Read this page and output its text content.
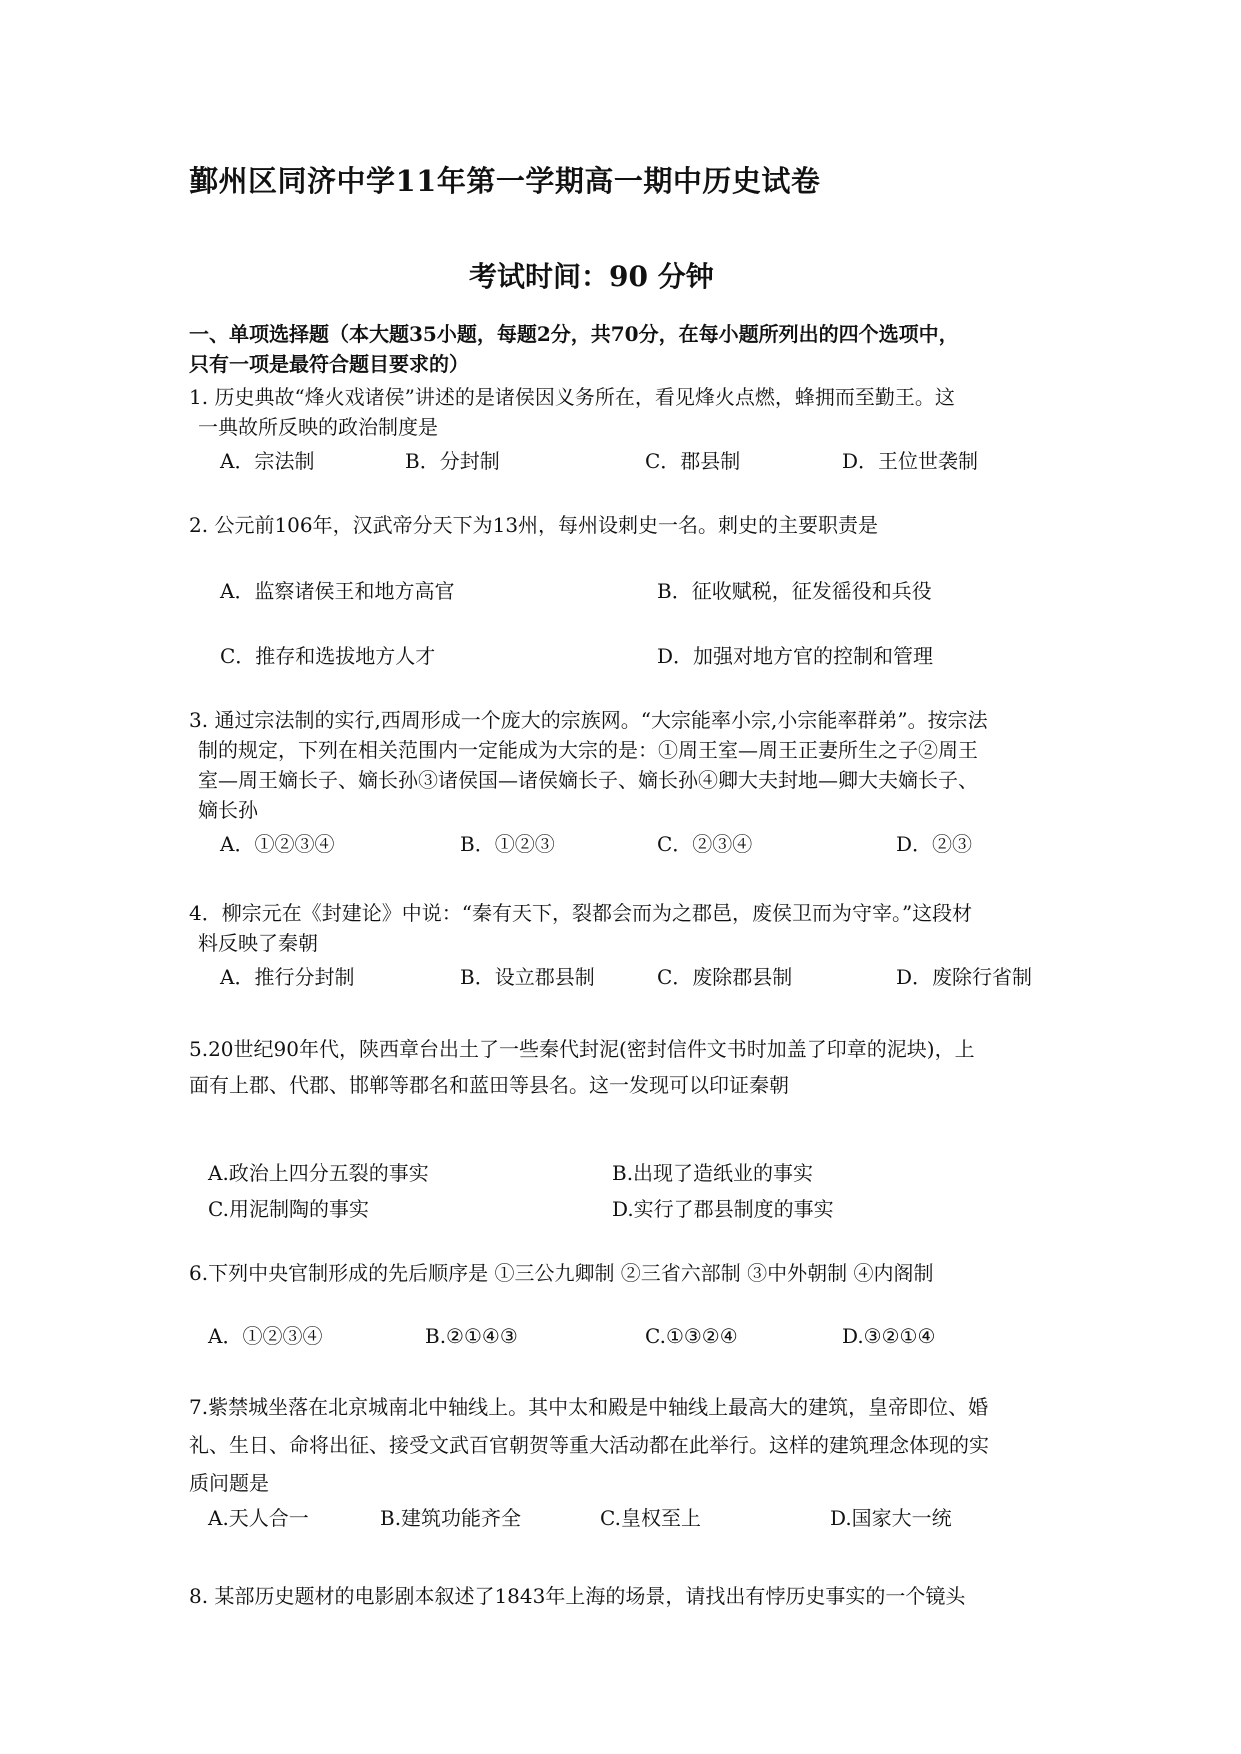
鄞州区同济中学11年第一学期高一期中历史试卷
考试时间：90 分钟
一、单项选择题（本大题35小题，每题2分，共70分，在每小题所列出的四个选项中，
只有一项是最符合题目要求的）
1. 历史典故“烽火戏诸侯”讲述的是诸侯因义务所在，看见烽火点燃，蜂拥而至勤王。这
一典故所反映的政治制度是
A．宗法制	B．分封制	C．郡县制	D．王位世袭制
2. 公元前106年，汉武帝分天下为13州，每州设刺史一名。刺史的主要职责是
A．监察诸侯王和地方高官	B．征收赋税，征发徭役和兵役
C．推存和选拔地方人才	D．加强对地方官的控制和管理
3. 通过宗法制的实行,西周形成一个庞大的宗族网。“大宗能率小宗,小宗能率群弟”。按宗法
制的规定，下列在相关范围内一定能成为大宗的是：①周王室—周王正妻所生之子②周王
室—周王嫡长子、嫡长孙③诸侯国—诸侯嫡长子、嫡长孙④卿大夫封地—卿大夫嫡长子、
嫡长孙
A．①②③④	B．①②③	C．②③④	D．②③
4．柳宗元在《封建论》中说：“秦有天下，裂都会而为之郡邑，废侯卫而为守宰。”这段材
料反映了秦朝
A．推行分封制	B．设立郡县制	C．废除郡县制	D．废除行省制
5.20世纪90年代，陕西章台出土了一些秦代封泥(密封信件文书时加盖了印章的泥块)，上
面有上郡、代郡、邯郸等郡名和蓝田等县名。这一发现可以印证秦朝
A.政治上四分五裂的事实	B.出现了造纸业的事实
C.用泥制陶的事实	D.实行了郡县制度的事实
6.下列中央官制形成的先后顺序是 ①三公九卿制 ②三省六部制 ③中外朝制 ④内阁制
A．①②③④	B.②①④③	C.①③②④	D.③②①④
7.紫禁城坐落在北京城南北中轴线上。其中太和殿是中轴线上最高大的建筑，皇帝即位、婚
礼、生日、命将出征、接受文武百官朝贺等重大活动都在此举行。这样的建筑理念体现的实
质问题是
A.天人合一	B.建筑功能齐全	C.皇权至上	D.国家大一统
8. 某部历史题材的电影剧本叙述了1843年上海的场景，请找出有悖历史事实的一个镜头
